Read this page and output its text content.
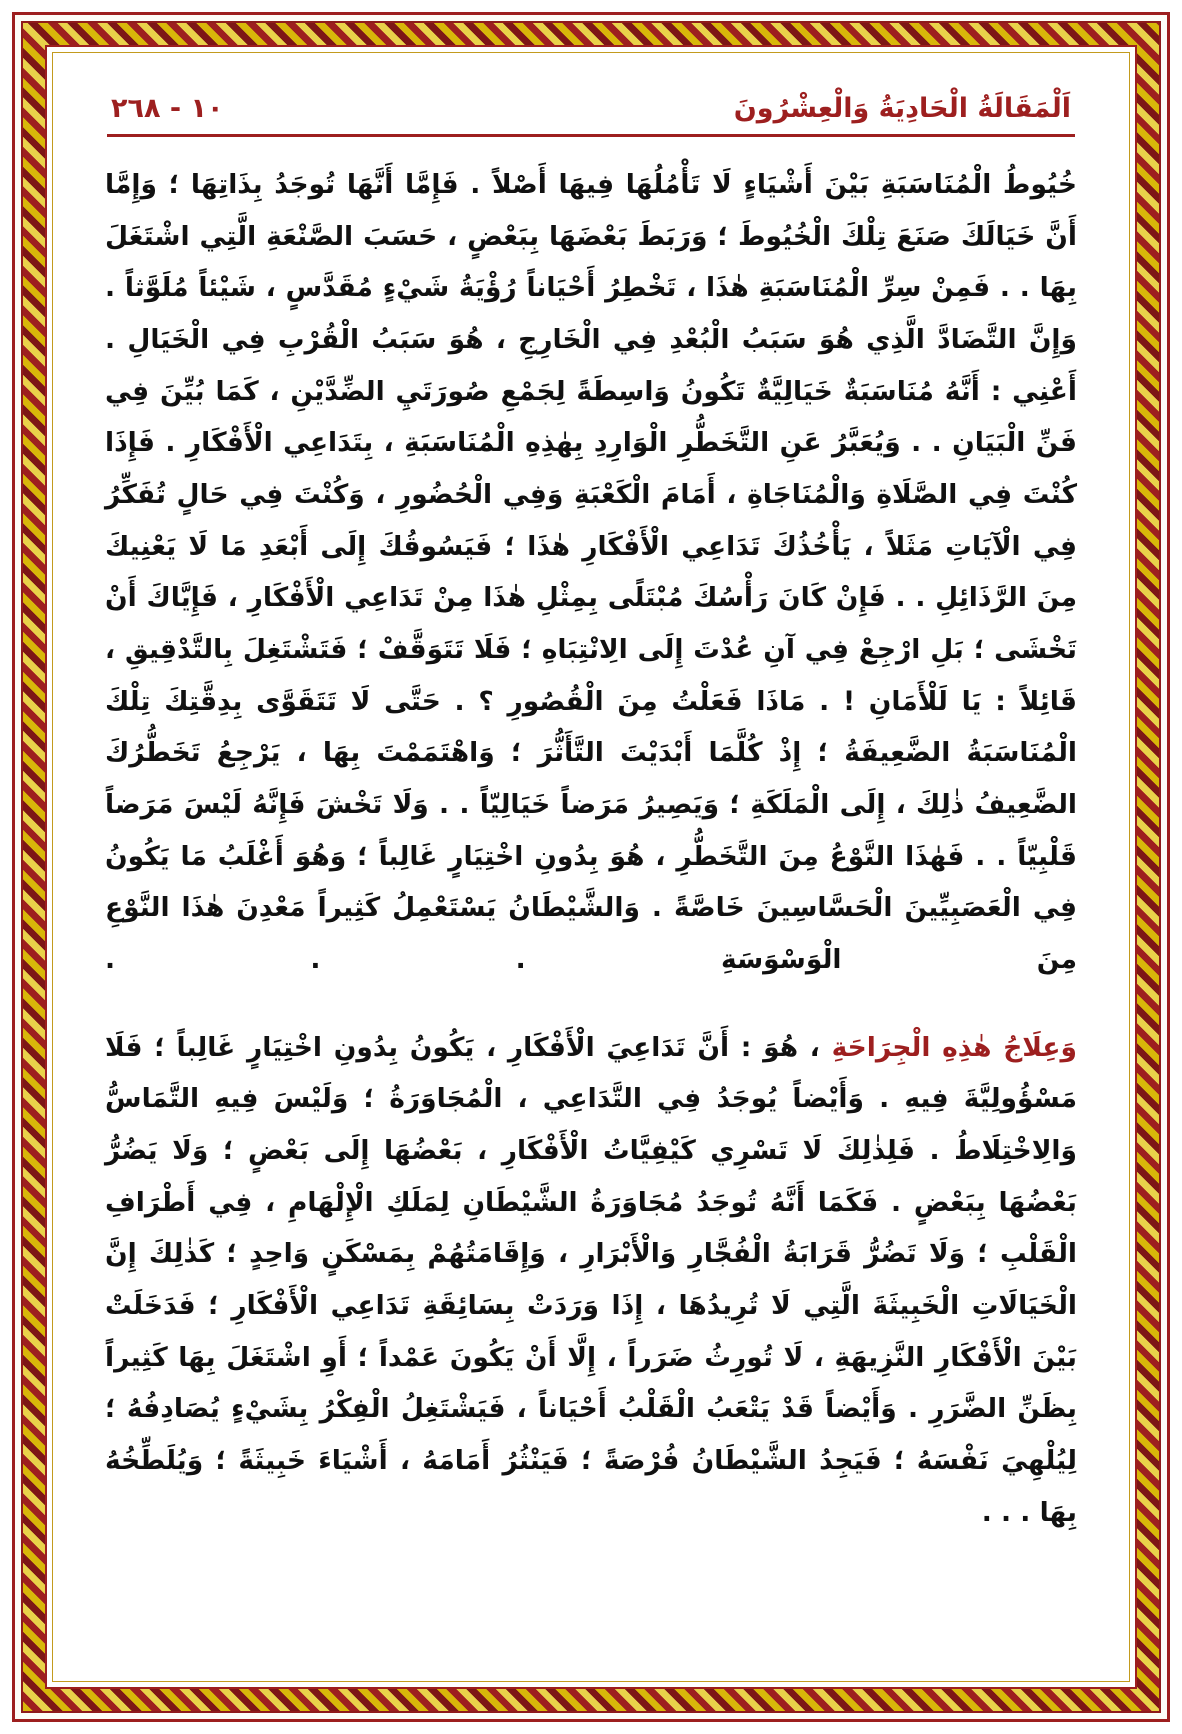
اَلْمَقَالَةُ الْحَادِيَةُ وَالْعِشْرُونَ
١٠ - ٢٦٨

خُيُوطُ الْمُنَاسَبَةِ بَيْنَ أَشْيَاءٍ لَا تَأْمُلُهَا فِيهَا أَصْلاً . فَإِمَّا أَنَّهَا تُوجَدُ بِذَاتِهَا ؛ وَإِمَّا أَنَّ خَيَالَكَ صَنَعَ تِلْكَ الْخُيُوطَ ؛ وَرَبَطَ بَعْضَهَا بِبَعْضٍ ، حَسَبَ الصَّنْعَةِ الَّتِي اشْتَغَلَ بِهَا . . فَمِنْ سِرِّ الْمُنَاسَبَةِ هٰذَا ، تَخْطِرُ أَحْيَاناً رُؤْيَةُ شَيْءٍ مُقَدَّسٍ ، شَيْئاً مُلَوَّثاً . وَإِنَّ التَّضَادَّ الَّذِي هُوَ سَبَبُ الْبُعْدِ فِي الْخَارِجِ ، هُوَ سَبَبُ الْقُرْبِ فِي الْخَيَالِ . أَعْنِي : أَنَّهُ مُنَاسَبَةٌ خَيَالِيَّةٌ تَكُونُ وَاسِطَةً لِجَمْعِ صُورَتَيِ الضِّدَّيْنِ ، كَمَا بُيِّنَ فِي فَنِّ الْبَيَانِ . . وَيُعَبَّرُ عَنِ التَّخَطُّرِ الْوَارِدِ بِهٰذِهِ الْمُنَاسَبَةِ ، بِتَدَاعِي الْأَفْكَارِ . فَإِذَا كُنْتَ فِي الصَّلَاةِ وَالْمُنَاجَاةِ ، أَمَامَ الْكَعْبَةِ وَفِي الْحُضُورِ ، وَكُنْتَ فِي حَالٍ تُفَكِّرُ فِي الْآيَاتِ مَثَلاً ، يَأْخُذُكَ تَدَاعِي الْأَفْكَارِ هٰذَا ؛ فَيَسُوقُكَ إِلَى أَبْعَدِ مَا لَا يَعْنِيكَ مِنَ الرَّذَائِلِ . . فَإِنْ كَانَ رَأْسُكَ مُبْتَلًى بِمِثْلِ هٰذَا مِنْ تَدَاعِي الْأَفْكَارِ ، فَإِيَّاكَ أَنْ تَخْشَى ؛ بَلِ ارْجِعْ فِي آنِ عُدْتَ إِلَى الِانْتِبَاهِ ؛ فَلَا تَتَوَقَّفْ ؛ فَتَشْتَغِلَ بِالتَّدْقِيقِ ، قَائِلاً : يَا لَلْأَمَانِ ! . مَاذَا فَعَلْتُ مِنَ الْقُصُورِ ؟ . حَتَّى لَا تَتَقَوَّى بِدِقَّتِكَ تِلْكَ الْمُنَاسَبَةُ الضَّعِيفَةُ ؛ إِذْ كُلَّمَا أَبْدَيْتَ التَّأَثُّرَ ؛ وَاهْتَمَمْتَ بِهَا ، يَرْجِعُ تَخَطُّرُكَ الضَّعِيفُ ذٰلِكَ ، إِلَى الْمَلَكَةِ ؛ وَيَصِيرُ مَرَضاً خَيَالِيّاً . . وَلَا تَخْشَ فَإِنَّهُ لَيْسَ مَرَضاً قَلْبِيّاً . . فَهٰذَا النَّوْعُ مِنَ التَّخَطُّرِ ، هُوَ بِدُونِ اخْتِيَارٍ غَالِباً ؛ وَهُوَ أَغْلَبُ مَا يَكُونُ فِي الْعَصَبِيِّينَ الْحَسَّاسِينَ خَاصَّةً . وَالشَّيْطَانُ يَسْتَعْمِلُ كَثِيراً مَعْدِنَ هٰذَا النَّوْعِ مِنَ الْوَسْوَسَةِ . . .

وَعِلَاجُ هٰذِهِ الْجِرَاحَةِ ، هُوَ : أَنَّ تَدَاعِيَ الْأَفْكَارِ ، يَكُونُ بِدُونِ اخْتِيَارٍ غَالِباً ؛ فَلَا مَسْؤُولِيَّةَ فِيهِ . وَأَيْضاً يُوجَدُ فِي التَّدَاعِي ، الْمُجَاوَرَةُ ؛ وَلَيْسَ فِيهِ التَّمَاسُّ وَالِاخْتِلَاطُ . فَلِذٰلِكَ لَا تَسْرِي كَيْفِيَّاتُ الْأَفْكَارِ ، بَعْضُهَا إِلَى بَعْضٍ ؛ وَلَا يَضُرُّ بَعْضُهَا بِبَعْضٍ . فَكَمَا أَنَّهُ تُوجَدُ مُجَاوَرَةُ الشَّيْطَانِ لِمَلَكِ الْإِلْهَامِ ، فِي أَطْرَافِ الْقَلْبِ ؛ وَلَا تَضُرُّ قَرَابَةُ الْفُجَّارِ وَالْأَبْرَارِ ، وَإِقَامَتُهُمْ بِمَسْكَنٍ وَاحِدٍ ؛ كَذٰلِكَ إِنَّ الْخَيَالَاتِ الْخَبِيثَةَ الَّتِي لَا تُرِيدُهَا ، إِذَا وَرَدَتْ بِسَائِقَةِ تَدَاعِي الْأَفْكَارِ ؛ فَدَخَلَتْ بَيْنَ الْأَفْكَارِ النَّزِيهَةِ ، لَا تُورِثُ ضَرَراً ، إِلَّا أَنْ يَكُونَ عَمْداً ؛ أَوِ اشْتَغَلَ بِهَا كَثِيراً بِظَنِّ الضَّرَرِ . وَأَيْضاً قَدْ يَتْعَبُ الْقَلْبُ أَحْيَاناً ، فَيَشْتَغِلُ الْفِكْرُ بِشَيْءٍ يُصَادِفُهُ ؛ لِيُلْهِيَ نَفْسَهُ ؛ فَيَجِدُ الشَّيْطَانُ فُرْصَةً ؛ فَيَنْثُرُ أَمَامَهُ ، أَشْيَاءَ خَبِيثَةً ؛ وَيُلَطِّخُهُ بِهَا . . .
